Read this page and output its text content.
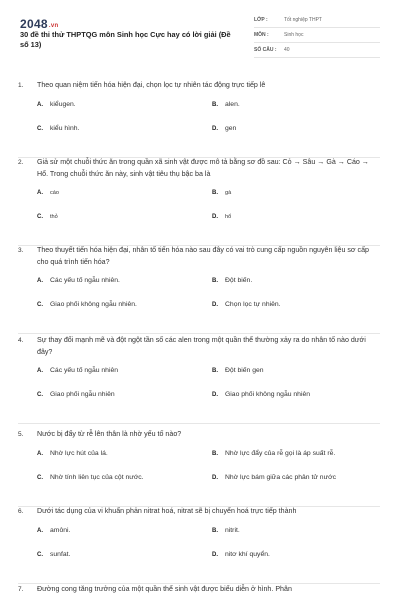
2048.vn
30 đề thi thử THPTQG môn Sinh học Cực hay có lời giải (Đề số 13)
LỚP :	Tốt nghiệp THPT
MÔN :	Sinh học
SỐ CÂU : 40
1. Theo quan niệm tiến hóa hiện đại, chọn lọc tự nhiên tác động trực tiếp lê
A. kiểugen.	B. alen.
C. kiểu hình.	D. gen
2. Giả sử một chuỗi thức ăn trong quần xã sinh vật được mô tả bằng sơ đồ sau: Cỏ → Sâu → Gà → Cáo → Hổ. Trong chuỗi thức ăn này, sinh vật tiêu thụ bậc ba là
A. cáo	B. gà
C. thỏ	D. hổ
3. Theo thuyết tiến hóa hiện đại, nhân tố tiến hóa nào sau đây có vai trò cung cấp nguồn nguyên liệu sơ cấp cho quá trình tiến hóa?
A. Các yếu tố ngẫu nhiên.	B. Đột biến.
C. Giao phối không ngẫu nhiên.	D. Chọn lọc tự nhiên.
4. Sự thay đổi mạnh mẽ và đột ngột tần số các alen trong một quần thể thường xảy ra do nhân tố nào dưới đây?
A. Các yếu tố ngẫu nhiên	B. Đột biến gen
C. Giao phối ngẫu nhiên	D. Giao phối không ngẫu nhiên
5. Nước bị đẩy từ rễ lên thân là nhờ yếu tố nào?
A. Nhờ lực hút của lá.	B. Nhờ lực đẩy của rễ gọi là áp suất rễ.
C. Nhờ tính liên tục của cột nước.	D. Nhờ lực bám giữa các phân tử nước
6. Dưới tác dụng của vi khuẩn phản nitrat hoá, nitrat sẽ bị chuyển hoá trực tiếp thành
A. amôni.	B. nitrit.
C. sunfat.	D. nitơ khí quyển.
7. Đường cong tăng trưởng của một quần thể sinh vật được biểu diễn ở hình. Phân
